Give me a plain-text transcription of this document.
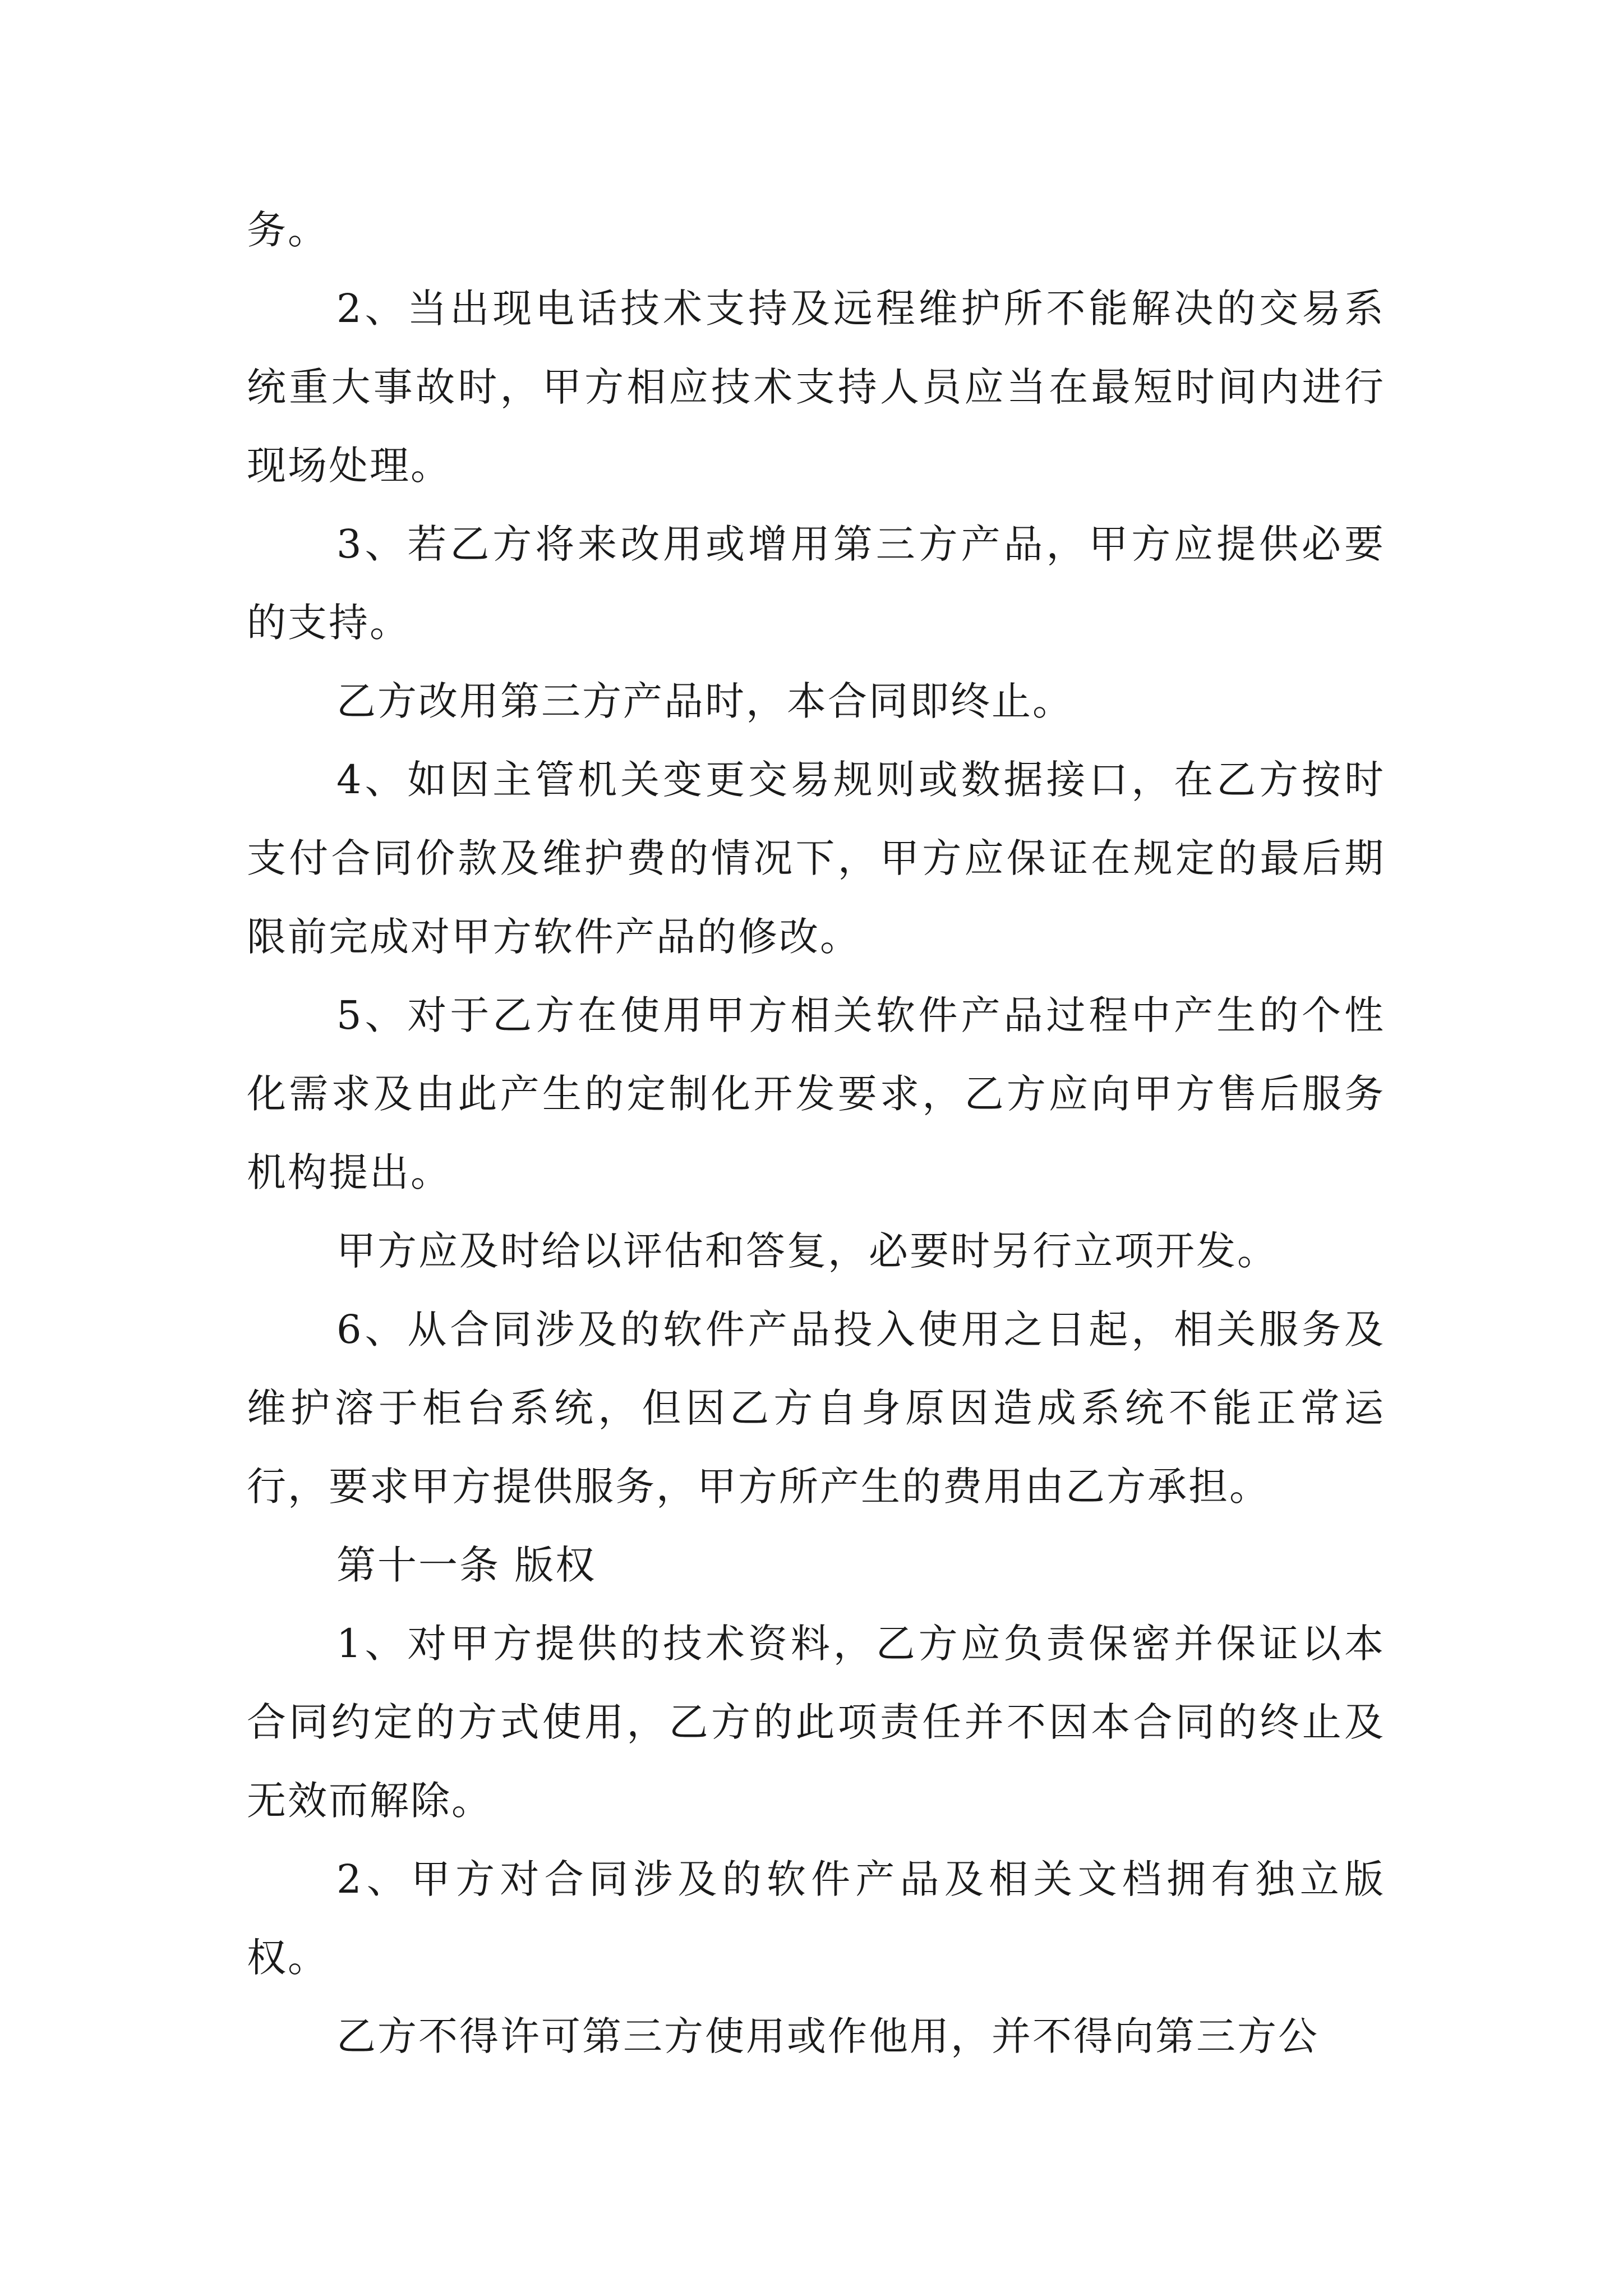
务。

2、当出现电话技术支持及远程维护所不能解决的交易系统重大事故时，甲方相应技术支持人员应当在最短时间内进行现场处理。

3、若乙方将来改用或增用第三方产品，甲方应提供必要的支持。

乙方改用第三方产品时，本合同即终止。

4、如因主管机关变更交易规则或数据接口，在乙方按时支付合同价款及维护费的情况下，甲方应保证在规定的最后期限前完成对甲方软件产品的修改。

5、对于乙方在使用甲方相关软件产品过程中产生的个性化需求及由此产生的定制化开发要求，乙方应向甲方售后服务机构提出。

甲方应及时给以评估和答复，必要时另行立项开发。

6、从合同涉及的软件产品投入使用之日起，相关服务及维护溶于柜台系统，但因乙方自身原因造成系统不能正常运行，要求甲方提供服务，甲方所产生的费用由乙方承担。

第十一条 版权

1、对甲方提供的技术资料，乙方应负责保密并保证以本合同约定的方式使用，乙方的此项责任并不因本合同的终止及无效而解除。

2、甲方对合同涉及的软件产品及相关文档拥有独立版权。

乙方不得许可第三方使用或作他用，并不得向第三方公
